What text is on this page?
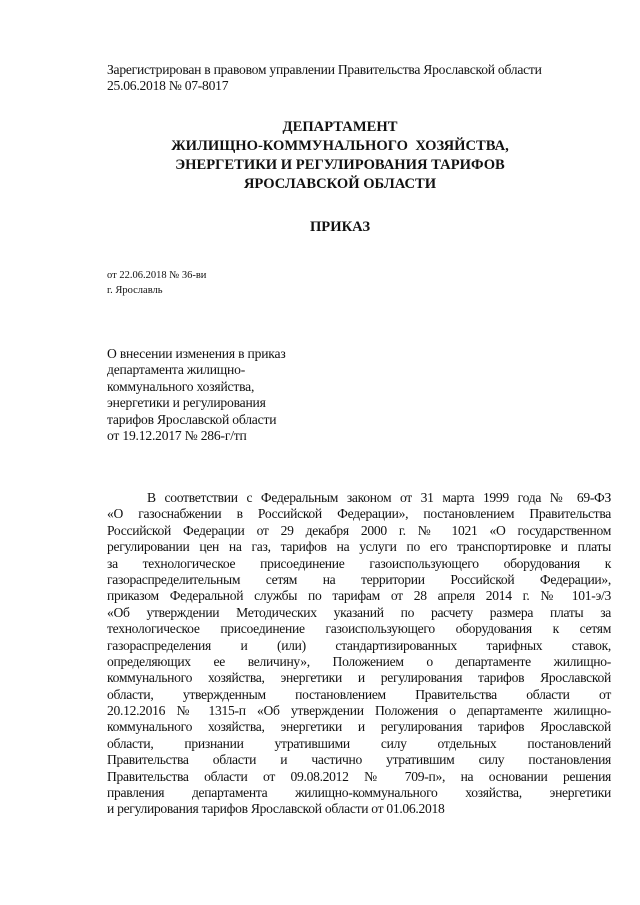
Зарегистрирован в правовом управлении Правительства Ярославской области
25.06.2018 № 07-8017
ДЕПАРТАМЕНТ
ЖИЛИЩНО-КОММУНАЛЬНОГО  ХОЗЯЙСТВА,
ЭНЕРГЕТИКИ И РЕГУЛИРОВАНИЯ ТАРИФОВ
ЯРОСЛАВСКОЙ ОБЛАСТИ
ПРИКАЗ
от 22.06.2018 № 36-ви
г. Ярославль
О внесении изменения в приказ
департамента жилищно-
коммунального хозяйства,
энергетики и регулирования
тарифов Ярославской области
от 19.12.2017 № 286-г/тп
В соответствии с Федеральным законом от 31 марта 1999 года № 69-ФЗ
«О газоснабжении в Российской Федерации», постановлением Правительства
Российской Федерации от 29 декабря 2000 г. № 1021 «О государственном
регулировании цен на газ, тарифов на услуги по его транспортировке и платы
за технологическое присоединение газоиспользующего оборудования к
газораспределительным сетям на территории Российской Федерации»,
приказом Федеральной службы по тарифам от 28 апреля 2014 г. № 101-э/3
«Об утверждении Методических указаний по расчету размера платы за
технологическое присоединение газоиспользующего оборудования к сетям
газораспределения и (или) стандартизированных тарифных ставок,
определяющих ее величину», Положением о департаменте жилищно-
коммунального хозяйства, энергетики и регулирования тарифов Ярославской
области, утвержденным постановлением Правительства области от
20.12.2016 № 1315-п «Об утверждении Положения о департаменте жилищно-
коммунального хозяйства, энергетики и регулирования тарифов Ярославской
области, признании утратившими силу отдельных постановлений
Правительства области и частично утратившим силу постановления
Правительства области от 09.08.2012 № 709-п», на основании решения
правления департамента жилищно-коммунального хозяйства, энергетики
и регулирования тарифов Ярославской области от 01.06.2018
